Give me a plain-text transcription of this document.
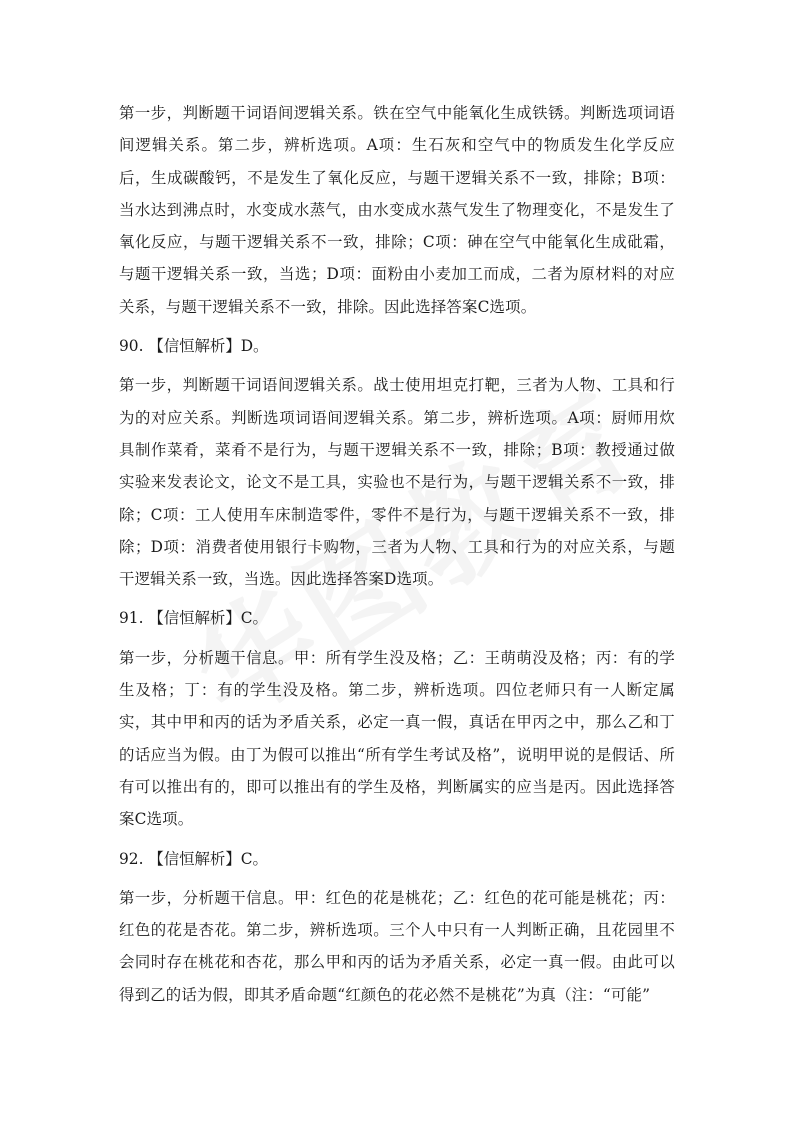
第一步，判断题干词语间逻辑关系。铁在空气中能氧化生成铁锈。判断选项词语间逻辑关系。第二步，辨析选项。A项：生石灰和空气中的物质发生化学反应后，生成碳酸钙，不是发生了氧化反应，与题干逻辑关系不一致，排除；B项：当水达到沸点时，水变成水蒸气，由水变成水蒸气发生了物理变化，不是发生了氧化反应，与题干逻辑关系不一致，排除；C项：砷在空气中能氧化生成砒霜，与题干逻辑关系一致，当选；D项：面粉由小麦加工而成，二者为原材料的对应关系，与题干逻辑关系不一致，排除。因此选择答案C选项。

90. 【信恒解析】D。

第一步，判断题干词语间逻辑关系。战士使用坦克打靶，三者为人物、工具和行为的对应关系。判断选项词语间逻辑关系。第二步，辨析选项。A项：厨师用炊具制作菜肴，菜肴不是行为，与题干逻辑关系不一致，排除；B项：教授通过做实验来发表论文，论文不是工具，实验也不是行为，与题干逻辑关系不一致，排除；C项：工人使用车床制造零件，零件不是行为，与题干逻辑关系不一致，排除；D项：消费者使用银行卡购物，三者为人物、工具和行为的对应关系，与题干逻辑关系一致，当选。因此选择答案D选项。

91. 【信恒解析】C。

第一步，分析题干信息。甲：所有学生没及格；乙：王萌萌没及格；丙：有的学生及格；丁：有的学生没及格。第二步，辨析选项。四位老师只有一人断定属实，其中甲和丙的话为矛盾关系，必定一真一假，真话在甲丙之中，那么乙和丁的话应当为假。由丁为假可以推出“所有学生考试及格”，说明甲说的是假话、所有可以推出有的，即可以推出有的学生及格，判断属实的应当是丙。因此选择答案C选项。

92. 【信恒解析】C。

第一步，分析题干信息。甲：红色的花是桃花；乙：红色的花可能是桃花；丙：红色的花是杏花。第二步，辨析选项。三个人中只有一人判断正确，且花园里不会同时存在桃花和杏花，那么甲和丙的话为矛盾关系，必定一真一假。由此可以得到乙的话为假，即其矛盾命题“红颜色的花必然不是桃花”为真（注：“可能”
